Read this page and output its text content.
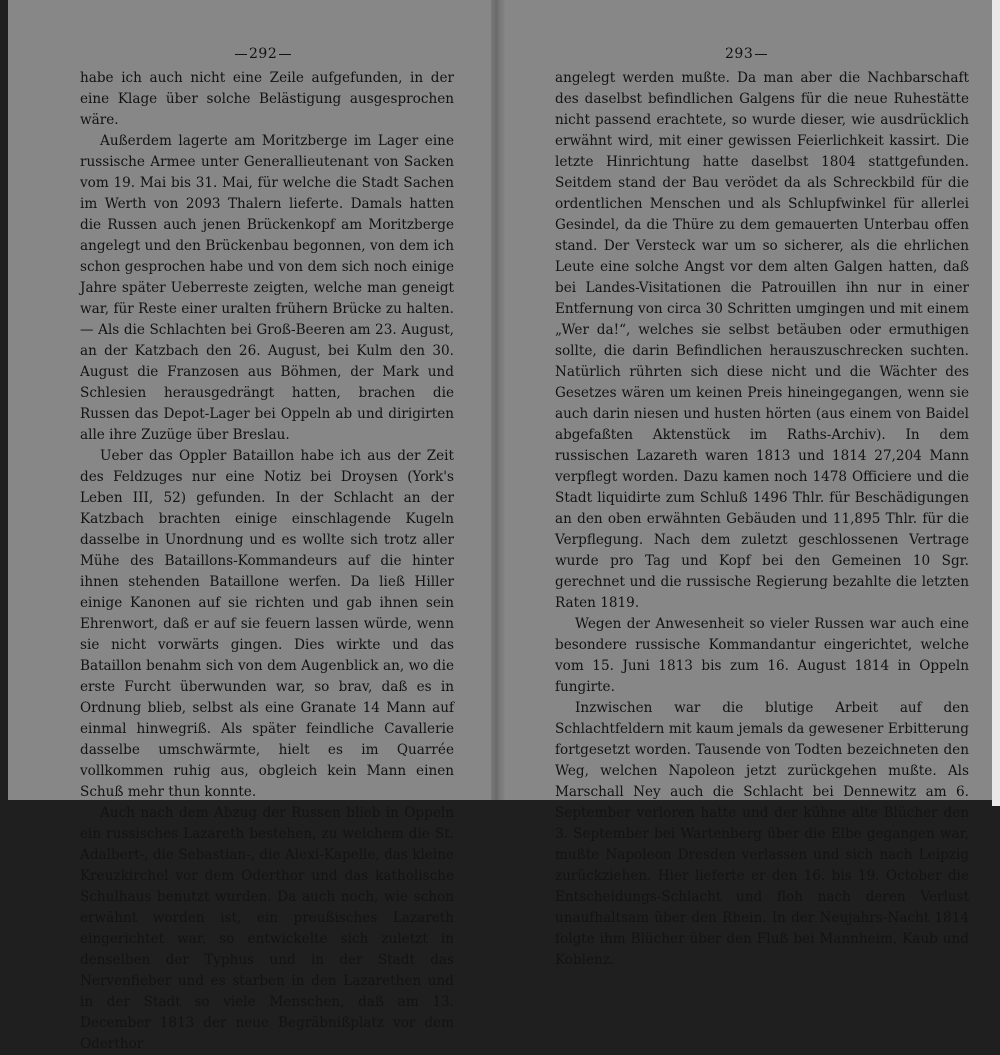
292

habe ich auch nicht eine Zeile aufgefunden, in der eine Klage über solche Belästigung ausgesprochen wäre.

Außerdem lagerte am Moritzberge im Lager eine russische Armee unter Generallieutenant von Sacken vom 19. Mai bis 31. Mai, für welche die Stadt Sachen im Werth von 2093 Thalern lieferte. Damals hatten die Russen auch jenen Brückenkopf am Moritzberge angelegt und den Brückenbau begonnen, von dem ich schon gesprochen habe und von dem sich noch einige Jahre später Ueberreste zeigten, welche man geneigt war, für Reste einer uralten frühern Brücke zu halten. — Als die Schlachten bei Groß-Beeren am 23. August, an der Katzbach den 26. August, bei Kulm den 30. August die Franzosen aus Böhmen, der Mark und Schlesien herausgedrängt hatten, brachen die Russen das Depot-Lager bei Oppeln ab und dirigirten alle ihre Zuzüge über Breslau.

Ueber das Oppler Bataillon habe ich aus der Zeit des Feldzuges nur eine Notiz bei Droysen (York's Leben III, 52) gefunden. In der Schlacht an der Katzbach brachten einige einschlagende Kugeln dasselbe in Unordnung und es wollte sich trotz aller Mühe des Bataillons-Kommandeurs auf die hinter ihnen stehenden Bataillone werfen. Da ließ Hiller einige Kanonen auf sie richten und gab ihnen sein Ehrenwort, daß er auf sie feuern lassen würde, wenn sie nicht vorwärts gingen. Dies wirkte und das Bataillon benahm sich von dem Augenblick an, wo die erste Furcht überwunden war, so brav, daß es in Ordnung blieb, selbst als eine Granate 14 Mann auf einmal hinwegriß. Als später feindliche Cavallerie dasselbe umschwärmte, hielt es im Quarrée vollkommen ruhig aus, obgleich kein Mann einen Schuß mehr thun konnte.

Auch nach dem Abzug der Russen blieb in Oppeln ein russisches Lazareth bestehen, zu welchem die St. Adalbert-, die Sebastian-, die Alexi-Kapelle, das kleine Kreuzkirchel vor dem Oderthor und das katholische Schulhaus benutzt wurden. Da auch noch, wie schon erwähnt worden ist, ein preußisches Lazareth eingerichtet war, so entwickelte sich zuletzt in denselben der Typhus und in der Stadt das Nervenfieber und es starben in den Lazarethen und in der Stadt so viele Menschen, daß am 13. December 1813 der neue Begräbnißplatz vor dem Oderthor

293

angelegt werden mußte. Da man aber die Nachbarschaft des daselbst befindlichen Galgens für die neue Ruhestätte nicht passend erachtete, so wurde dieser, wie ausdrücklich erwähnt wird, mit einer gewissen Feierlichkeit kassirt. Die letzte Hinrichtung hatte daselbst 1804 stattgefunden. Seitdem stand der Bau verödet da als Schreckbild für die ordentlichen Menschen und als Schlupfwinkel für allerlei Gesindel, da die Thüre zu dem gemauerten Unterbau offen stand. Der Versteck war um so sicherer, als die ehrlichen Leute eine solche Angst vor dem alten Galgen hatten, daß bei Landes-Visitationen die Patrouillen ihn nur in einer Entfernung von circa 30 Schritten umgingen und mit einem „Wer da!“, welches sie selbst betäuben oder ermuthigen sollte, die darin Befindlichen herauszuschrecken suchten. Natürlich rührten sich diese nicht und die Wächter des Gesetzes wären um keinen Preis hineingegangen, wenn sie auch darin niesen und husten hörten (aus einem von Baidel abgefaßten Aktenstück im Raths-Archiv). In dem russischen Lazareth waren 1813 und 1814 27,204 Mann verpflegt worden. Dazu kamen noch 1478 Officiere und die Stadt liquidirte zum Schluß 1496 Thlr. für Beschädigungen an den oben erwähnten Gebäuden und 11,895 Thlr. für die Verpflegung. Nach dem zuletzt geschlossenen Vertrage wurde pro Tag und Kopf bei den Gemeinen 10 Sgr. gerechnet und die russische Regierung bezahlte die letzten Raten 1819.

Wegen der Anwesenheit so vieler Russen war auch eine besondere russische Kommandantur eingerichtet, welche vom 15. Juni 1813 bis zum 16. August 1814 in Oppeln fungirte.

Inzwischen war die blutige Arbeit auf den Schlachtfeldern mit kaum jemals da gewesener Erbitterung fortgesetzt worden. Tausende von Todten bezeichneten den Weg, welchen Napoleon jetzt zurückgehen mußte. Als Marschall Ney auch die Schlacht bei Dennewitz am 6. September verloren hatte und der kühne alte Blücher den 3. September bei Wartenberg über die Elbe gegangen war, mußte Napoleon Dresden verlassen und sich nach Leipzig zurückziehen. Hier lieferte er den 16. bis 19. October die Entscheidungs-Schlacht und floh nach deren Verlust unaufhaltsam über den Rhein. In der Neujahrs-Nacht 1814 folgte ihm Blücher über den Fluß bei Mannheim, Kaub und Koblenz.
